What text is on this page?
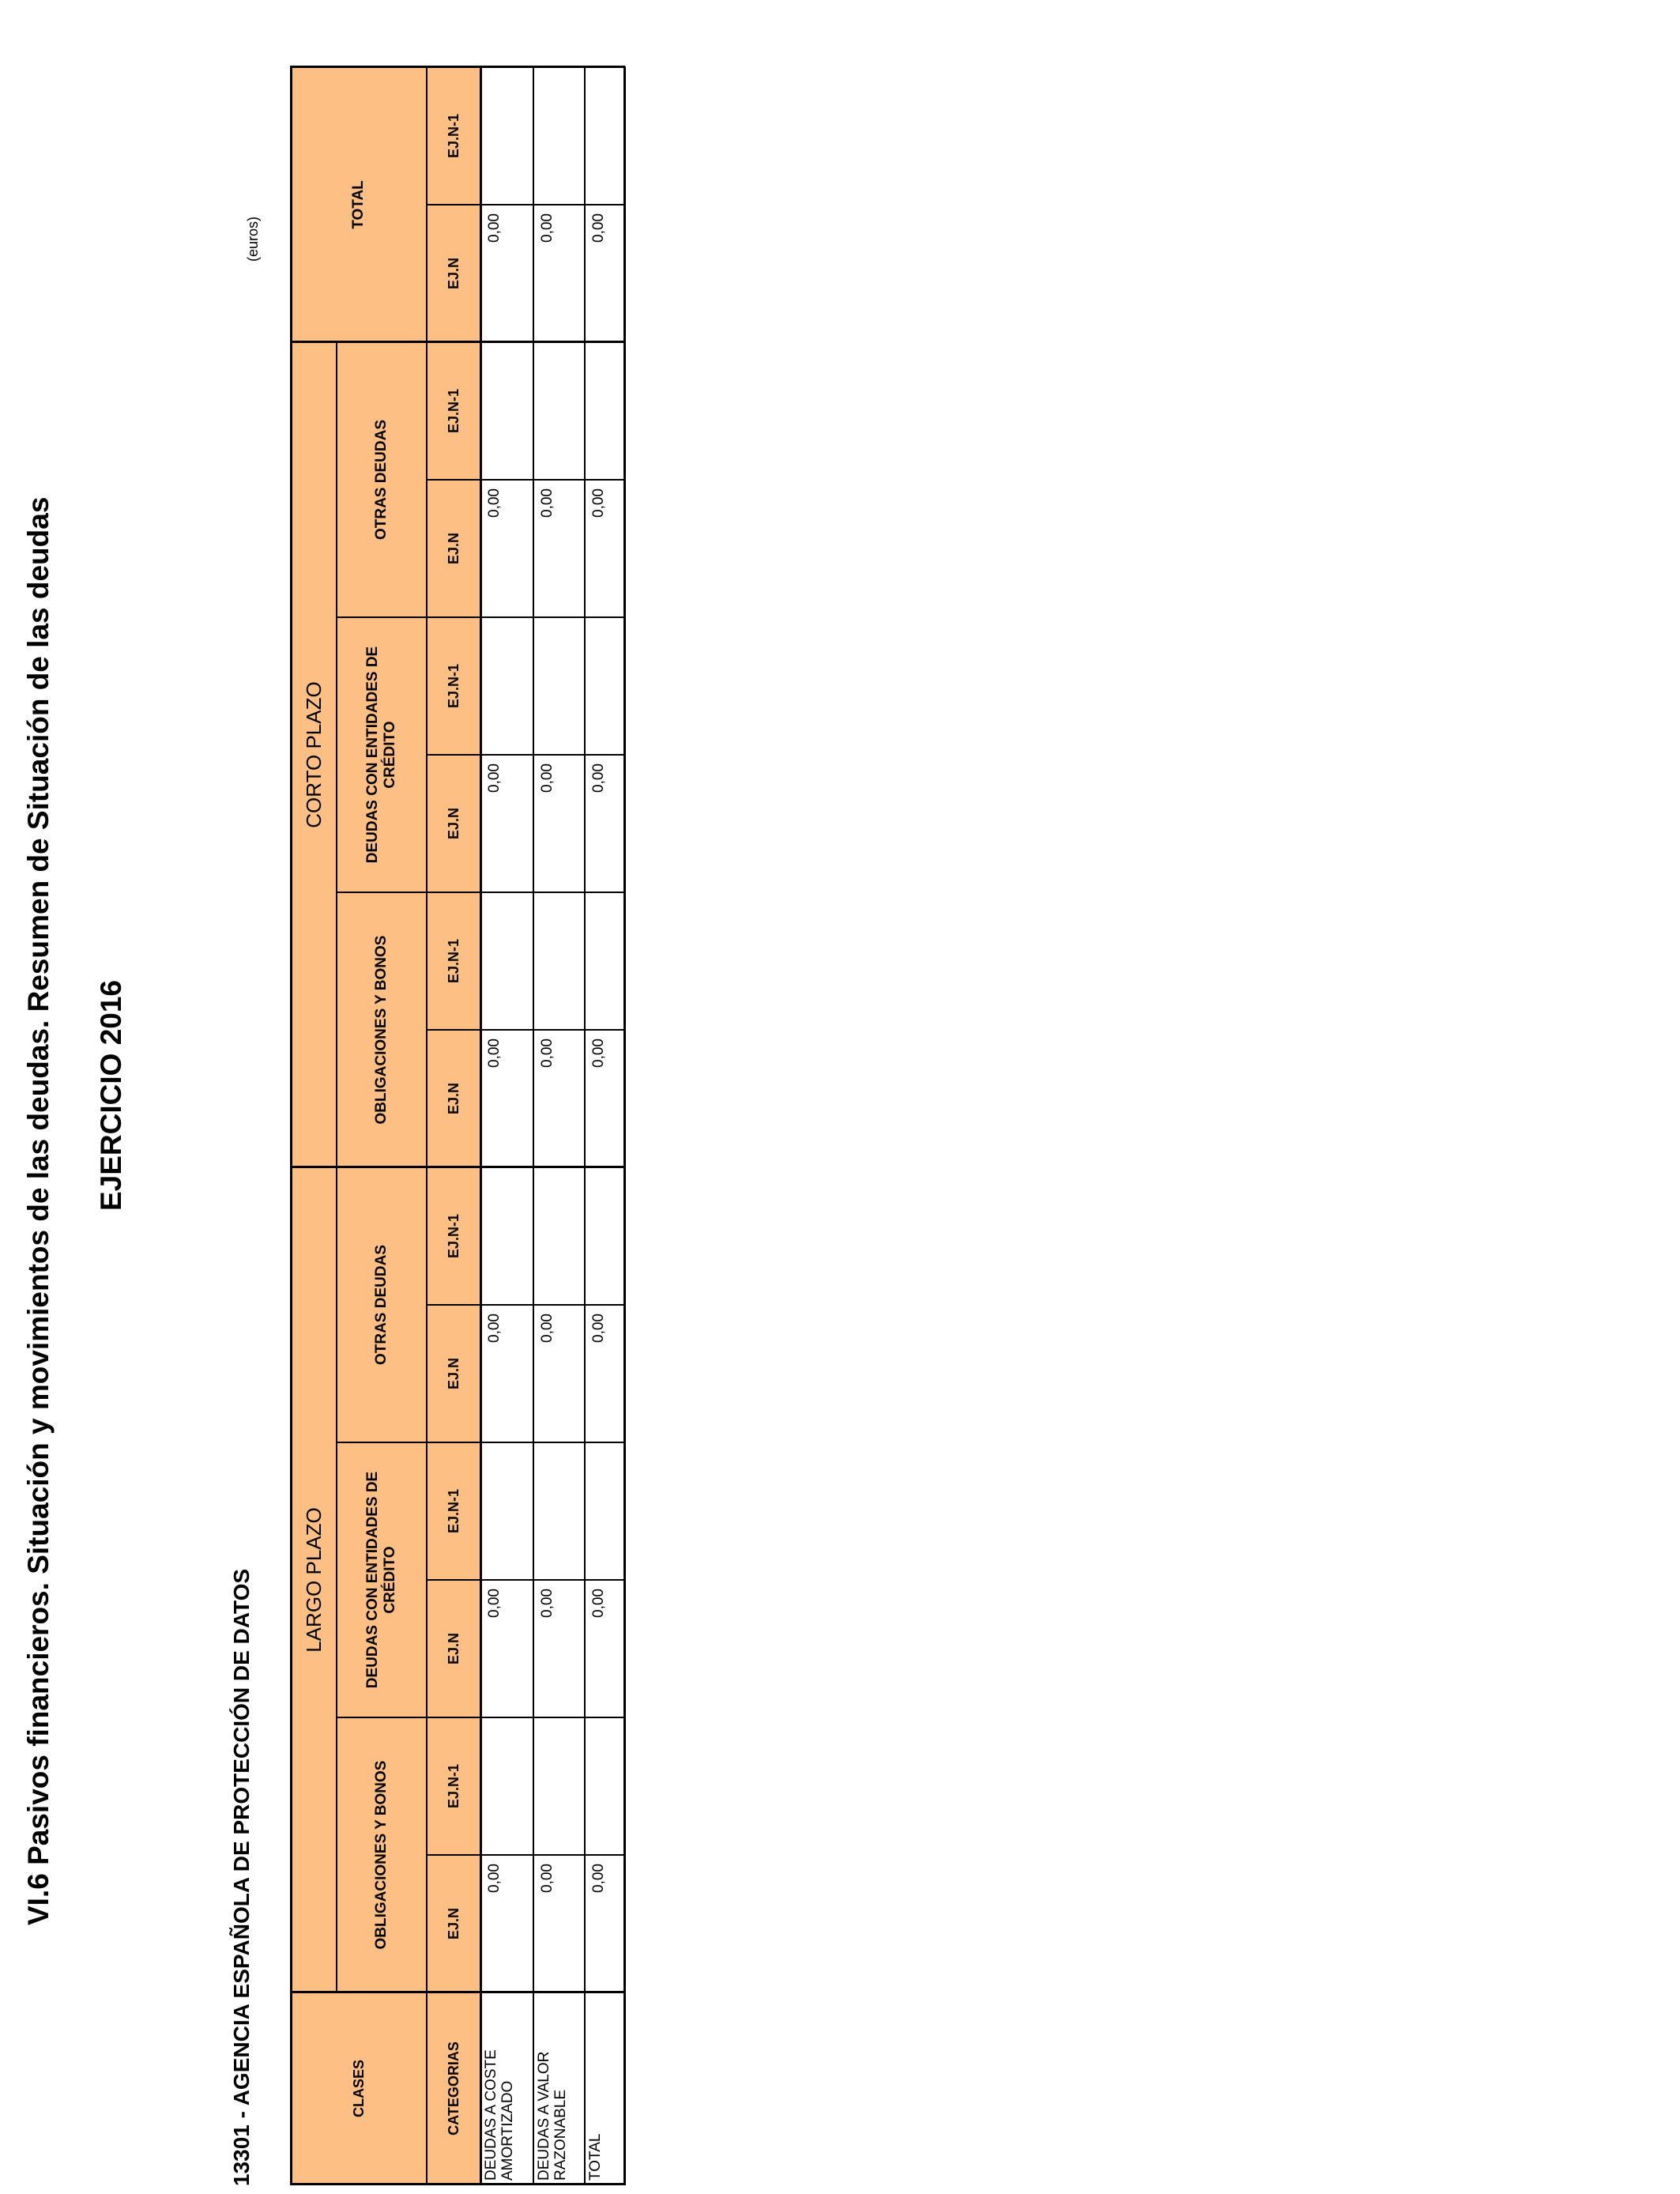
VI.6 Pasivos financieros. Situación y movimientos de las deudas. Resumen de Situación de las deudas EJERCICIO 2016
13301 - AGENCIA ESPAÑOLA DE PROTECCIÓN DE DATOS
(euros)
CLASES	CATEGORIAS
LARGO PLAZO
CORTO PLAZO
OBLIGACIONES Y BONOS
DEUDAS CON ENTIDADES DE CRÉDITO
OTRAS DEUDAS
OBLIGACIONES Y BONOS
DEUDAS CON ENTIDADES DE CRÉDITO
OTRAS DEUDAS
TOTAL
EJ.N
EJ.N-1
EJ.N
EJ.N-1
EJ.N
EJ.N-1
EJ.N
EJ.N-1
EJ.N
EJ.N-1
EJ.N
EJ.N-1
EJ.N
EJ.N-1
DEUDAS A COSTE AMORTIZADO
0,00
0,00
0,00
0,00
0,00
0,00
0,00
DEUDAS A VALOR RAZONABLE
0,00
0,00
0,00
0,00
0,00
0,00
0,00
TOTAL
0,00
0,00
0,00
0,00
0,00
0,00
0,00
